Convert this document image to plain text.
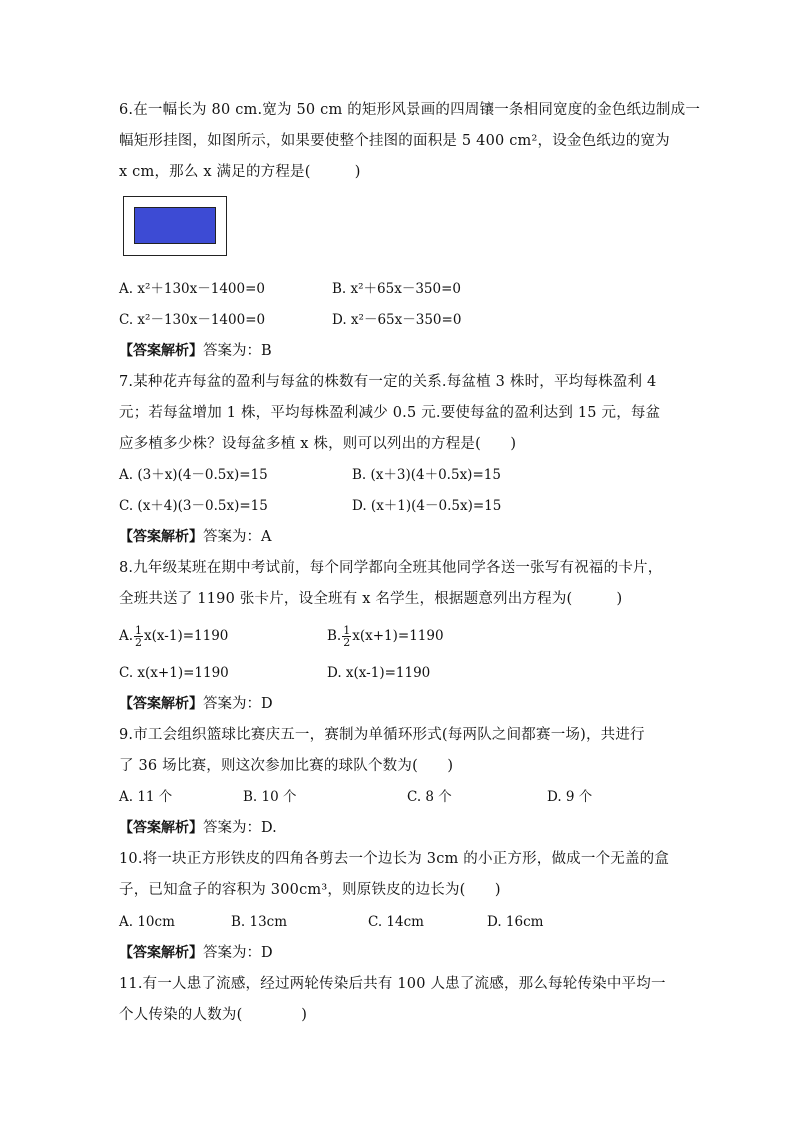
6.在一幅长为 80 cm.宽为 50 cm 的矩形风景画的四周镶一条相同宽度的金色纸边制成一
幅矩形挂图，如图所示，如果要使整个挂图的面积是 5 400 cm²，设金色纸边的宽为
x cm，那么 x 满足的方程是(　　　)
A. x²＋130x－1400=0	B. x²＋65x－350=0
C. x²－130x－1400=0	D. x²－65x－350=0
【答案解析】答案为：B
7.某种花卉每盆的盈利与每盆的株数有一定的关系.每盆植 3 株时，平均每株盈利 4
元；若每盆增加 1 株，平均每株盈利减少 0.5 元.要使每盆的盈利达到 15 元，每盆
应多植多少株？设每盆多植 x 株，则可以列出的方程是(　　)
A. (3＋x)(4－0.5x)=15	B. (x＋3)(4＋0.5x)=15
C. (x＋4)(3－0.5x)=15	D. (x＋1)(4－0.5x)=15
【答案解析】答案为：A
8.九年级某班在期中考试前，每个同学都向全班其他同学各送一张写有祝福的卡片，
全班共送了 1190 张卡片，设全班有 x 名学生，根据题意列出方程为(　　　)
A. $\frac{1}{2} x(x-1)=1190$	B. $\frac{1}{2} x(x+1)=1190$
C. x(x+1)=1190	D. x(x-1)=1190
【答案解析】答案为：D
9.市工会组织篮球比赛庆五一，赛制为单循环形式(每两队之间都赛一场)，共进行
了 36 场比赛，则这次参加比赛的球队个数为(　　)
A. 11 个	B. 10 个	C. 8 个	D. 9 个
【答案解析】答案为：D.
10.将一块正方形铁皮的四角各剪去一个边长为 3cm 的小正方形，做成一个无盖的盒
子，已知盒子的容积为 300cm³，则原铁皮的边长为(　　)
A. 10cm	B. 13cm	C. 14cm	D. 16cm
【答案解析】答案为：D
11.有一人患了流感，经过两轮传染后共有 100 人患了流感，那么每轮传染中平均一
个人传染的人数为(　　　　)
